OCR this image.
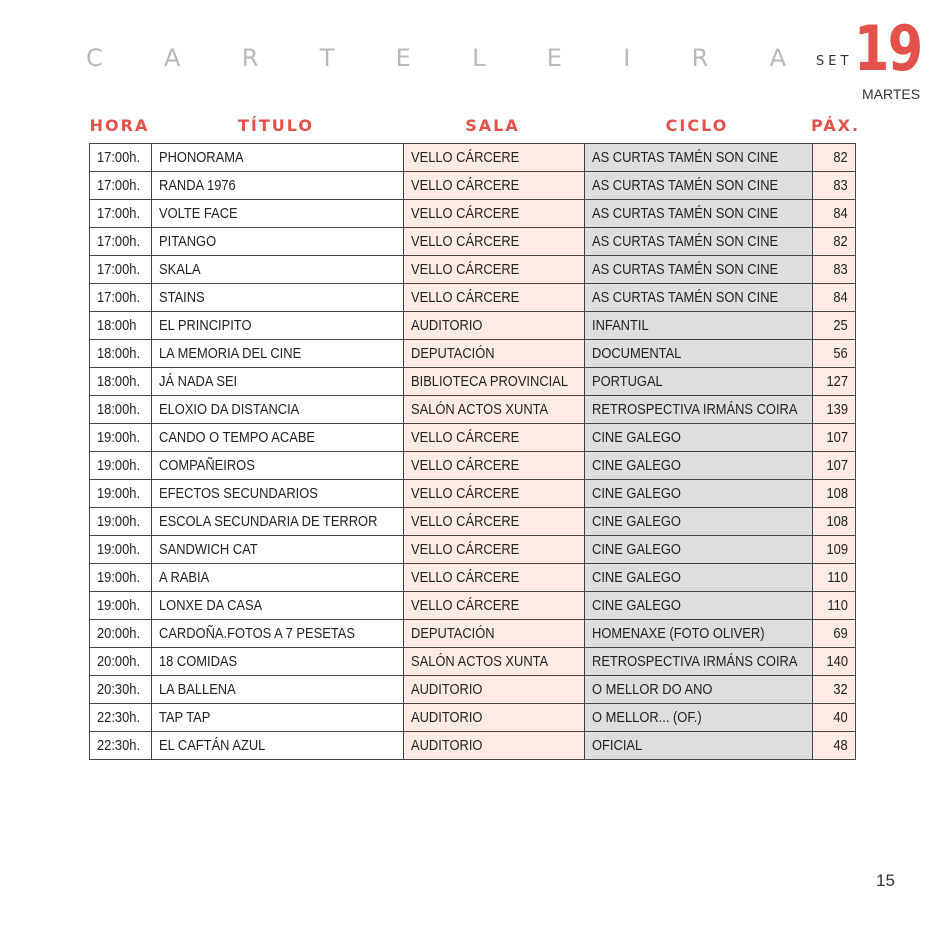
C	A	R	T	E	L	E	I	R	A SET 19
MARTES
HORA	TÍTULO	SALA	CICLO	PÁX.
17:00h.	PHONORAMA	VELLO CÁRCERE	AS CURTAS TAMÉN SON CINE	82
17:00h.	RANDA 1976	VELLO CÁRCERE	AS CURTAS TAMÉN SON CINE	83
17:00h.	VOLTE FACE	VELLO CÁRCERE	AS CURTAS TAMÉN SON CINE	84
17:00h.	PITANGO	VELLO CÁRCERE	AS CURTAS TAMÉN SON CINE	82
17:00h.	SKALA	VELLO CÁRCERE	AS CURTAS TAMÉN SON CINE	83
17:00h.	STAINS	VELLO CÁRCERE	AS CURTAS TAMÉN SON CINE	84
18:00h	EL PRINCIPITO	AUDITORIO	INFANTIL	25
18:00h.	LA MEMORIA DEL CINE	DEPUTACIÓN	DOCUMENTAL	56
18:00h.	JÁ NADA SEI	BIBLIOTECA PROVINCIAL	PORTUGAL	127
18:00h.	ELOXIO DA DISTANCIA	SALÓN ACTOS XUNTA	RETROSPECTIVA IRMÁNS COIRA	139
19:00h.	CANDO O TEMPO ACABE	VELLO CÁRCERE	CINE GALEGO	107
19:00h.	COMPAÑEIROS	VELLO CÁRCERE	CINE GALEGO	107
19:00h.	EFECTOS SECUNDARIOS	VELLO CÁRCERE	CINE GALEGO	108
19:00h.	ESCOLA SECUNDARIA DE TERROR	VELLO CÁRCERE	CINE GALEGO	108
19:00h.	SANDWICH CAT	VELLO CÁRCERE	CINE GALEGO	109
19:00h.	A RABIA	VELLO CÁRCERE	CINE GALEGO	110
19:00h.	LONXE DA CASA	VELLO CÁRCERE	CINE GALEGO	110
20:00h.	CARDOÑA.FOTOS A 7 PESETAS	DEPUTACIÓN	HOMENAXE (FOTO OLIVER)	69
20:00h.	18 COMIDAS	SALÓN ACTOS XUNTA	RETROSPECTIVA IRMÁNS COIRA	140
20:30h.	LA BALLENA	AUDITORIO	O MELLOR DO ANO	32
22:30h.	TAP TAP	AUDITORIO	O MELLOR... (OF.)	40
22:30h.	EL CAFTÁN AZUL	AUDITORIO	OFICIAL	48
15
